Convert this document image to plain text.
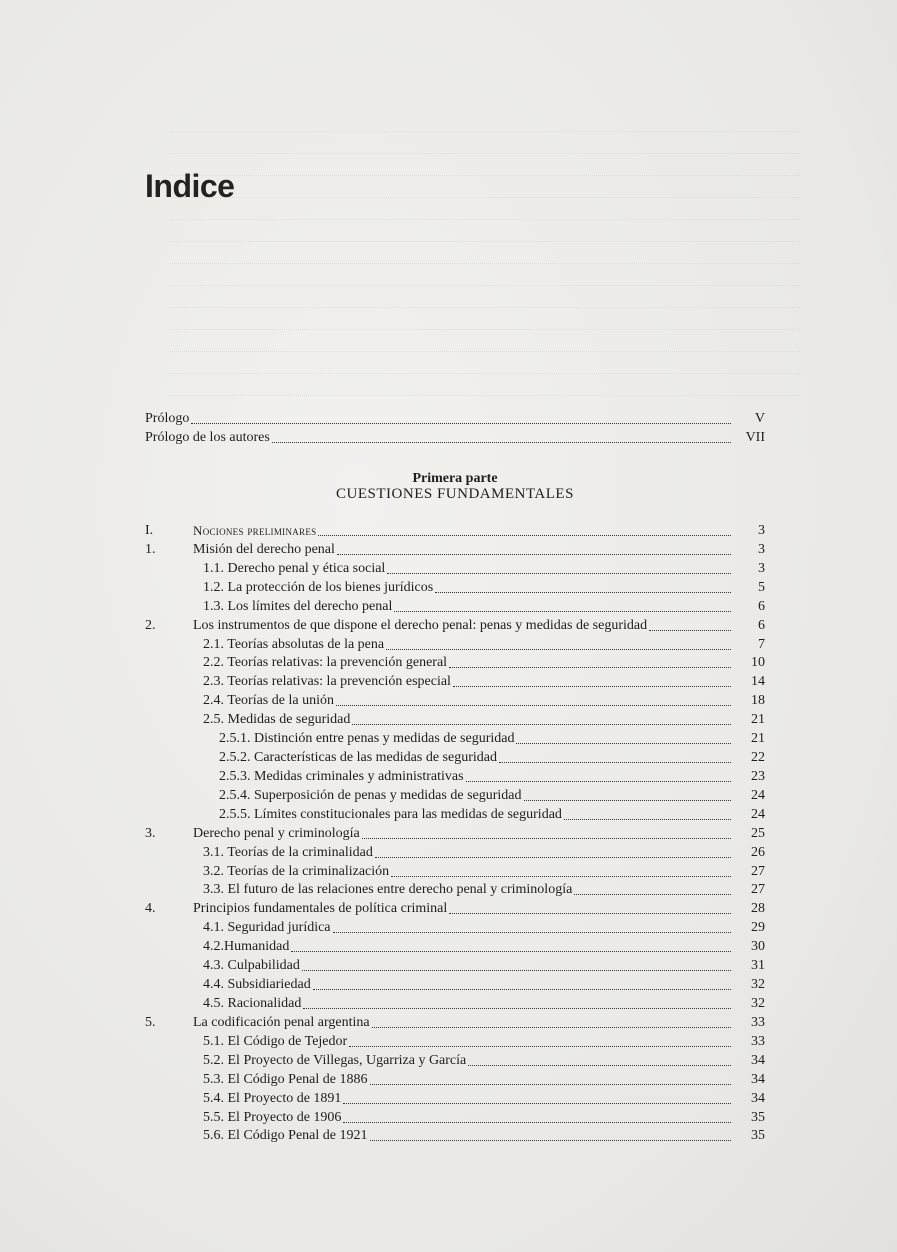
Indice
Prólogo	V
Prólogo de los autores	VII
Primera parte
CUESTIONES FUNDAMENTALES
I.	Nociones preliminares	3
1.	Misión del derecho penal	3
1.1. Derecho penal y ética social	3
1.2. La protección de los bienes jurídicos	5
1.3. Los límites del derecho penal	6
2.	Los instrumentos de que dispone el derecho penal: penas y medidas de seguridad	6
2.1. Teorías absolutas de la pena	7
2.2. Teorías relativas: la prevención general	10
2.3. Teorías relativas: la prevención especial	14
2.4. Teorías de la unión	18
2.5. Medidas de seguridad	21
2.5.1. Distinción entre penas y medidas de seguridad	21
2.5.2. Características de las medidas de seguridad	22
2.5.3. Medidas criminales y administrativas	23
2.5.4. Superposición de penas y medidas de seguridad	24
2.5.5. Límites constitucionales para las medidas de seguridad	24
3.	Derecho penal y criminología	25
3.1. Teorías de la criminalidad	26
3.2. Teorías de la criminalización	27
3.3. El futuro de las relaciones entre derecho penal y criminología	27
4.	Principios fundamentales de política criminal	28
4.1. Seguridad jurídica	29
4.2.Humanidad	30
4.3. Culpabilidad	31
4.4. Subsidiariedad	32
4.5. Racionalidad	32
5.	La codificación penal argentina	33
5.1. El Código de Tejedor	33
5.2. El Proyecto de Villegas, Ugarriza y García	34
5.3. El Código Penal de 1886	34
5.4. El Proyecto de 1891	34
5.5. El Proyecto de 1906	35
5.6. El Código Penal de 1921	35
